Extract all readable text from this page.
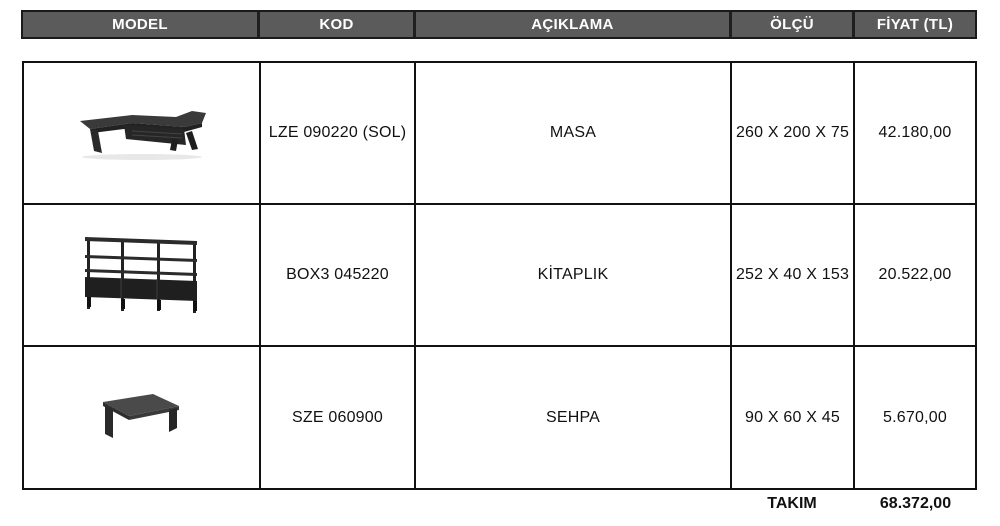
MODEL	KOD	AÇIKLAMA	ÖLÇÜ	FİYAT (TL)
LZE 090220 (SOL)	MASA	260 X 200 X 75	42.180,00
BOX3 045220	KİTAPLIK	252 X 40 X 153	20.522,00
SZE 060900	SEHPA	90 X 60 X 45	5.670,00
TAKIM	68.372,00
